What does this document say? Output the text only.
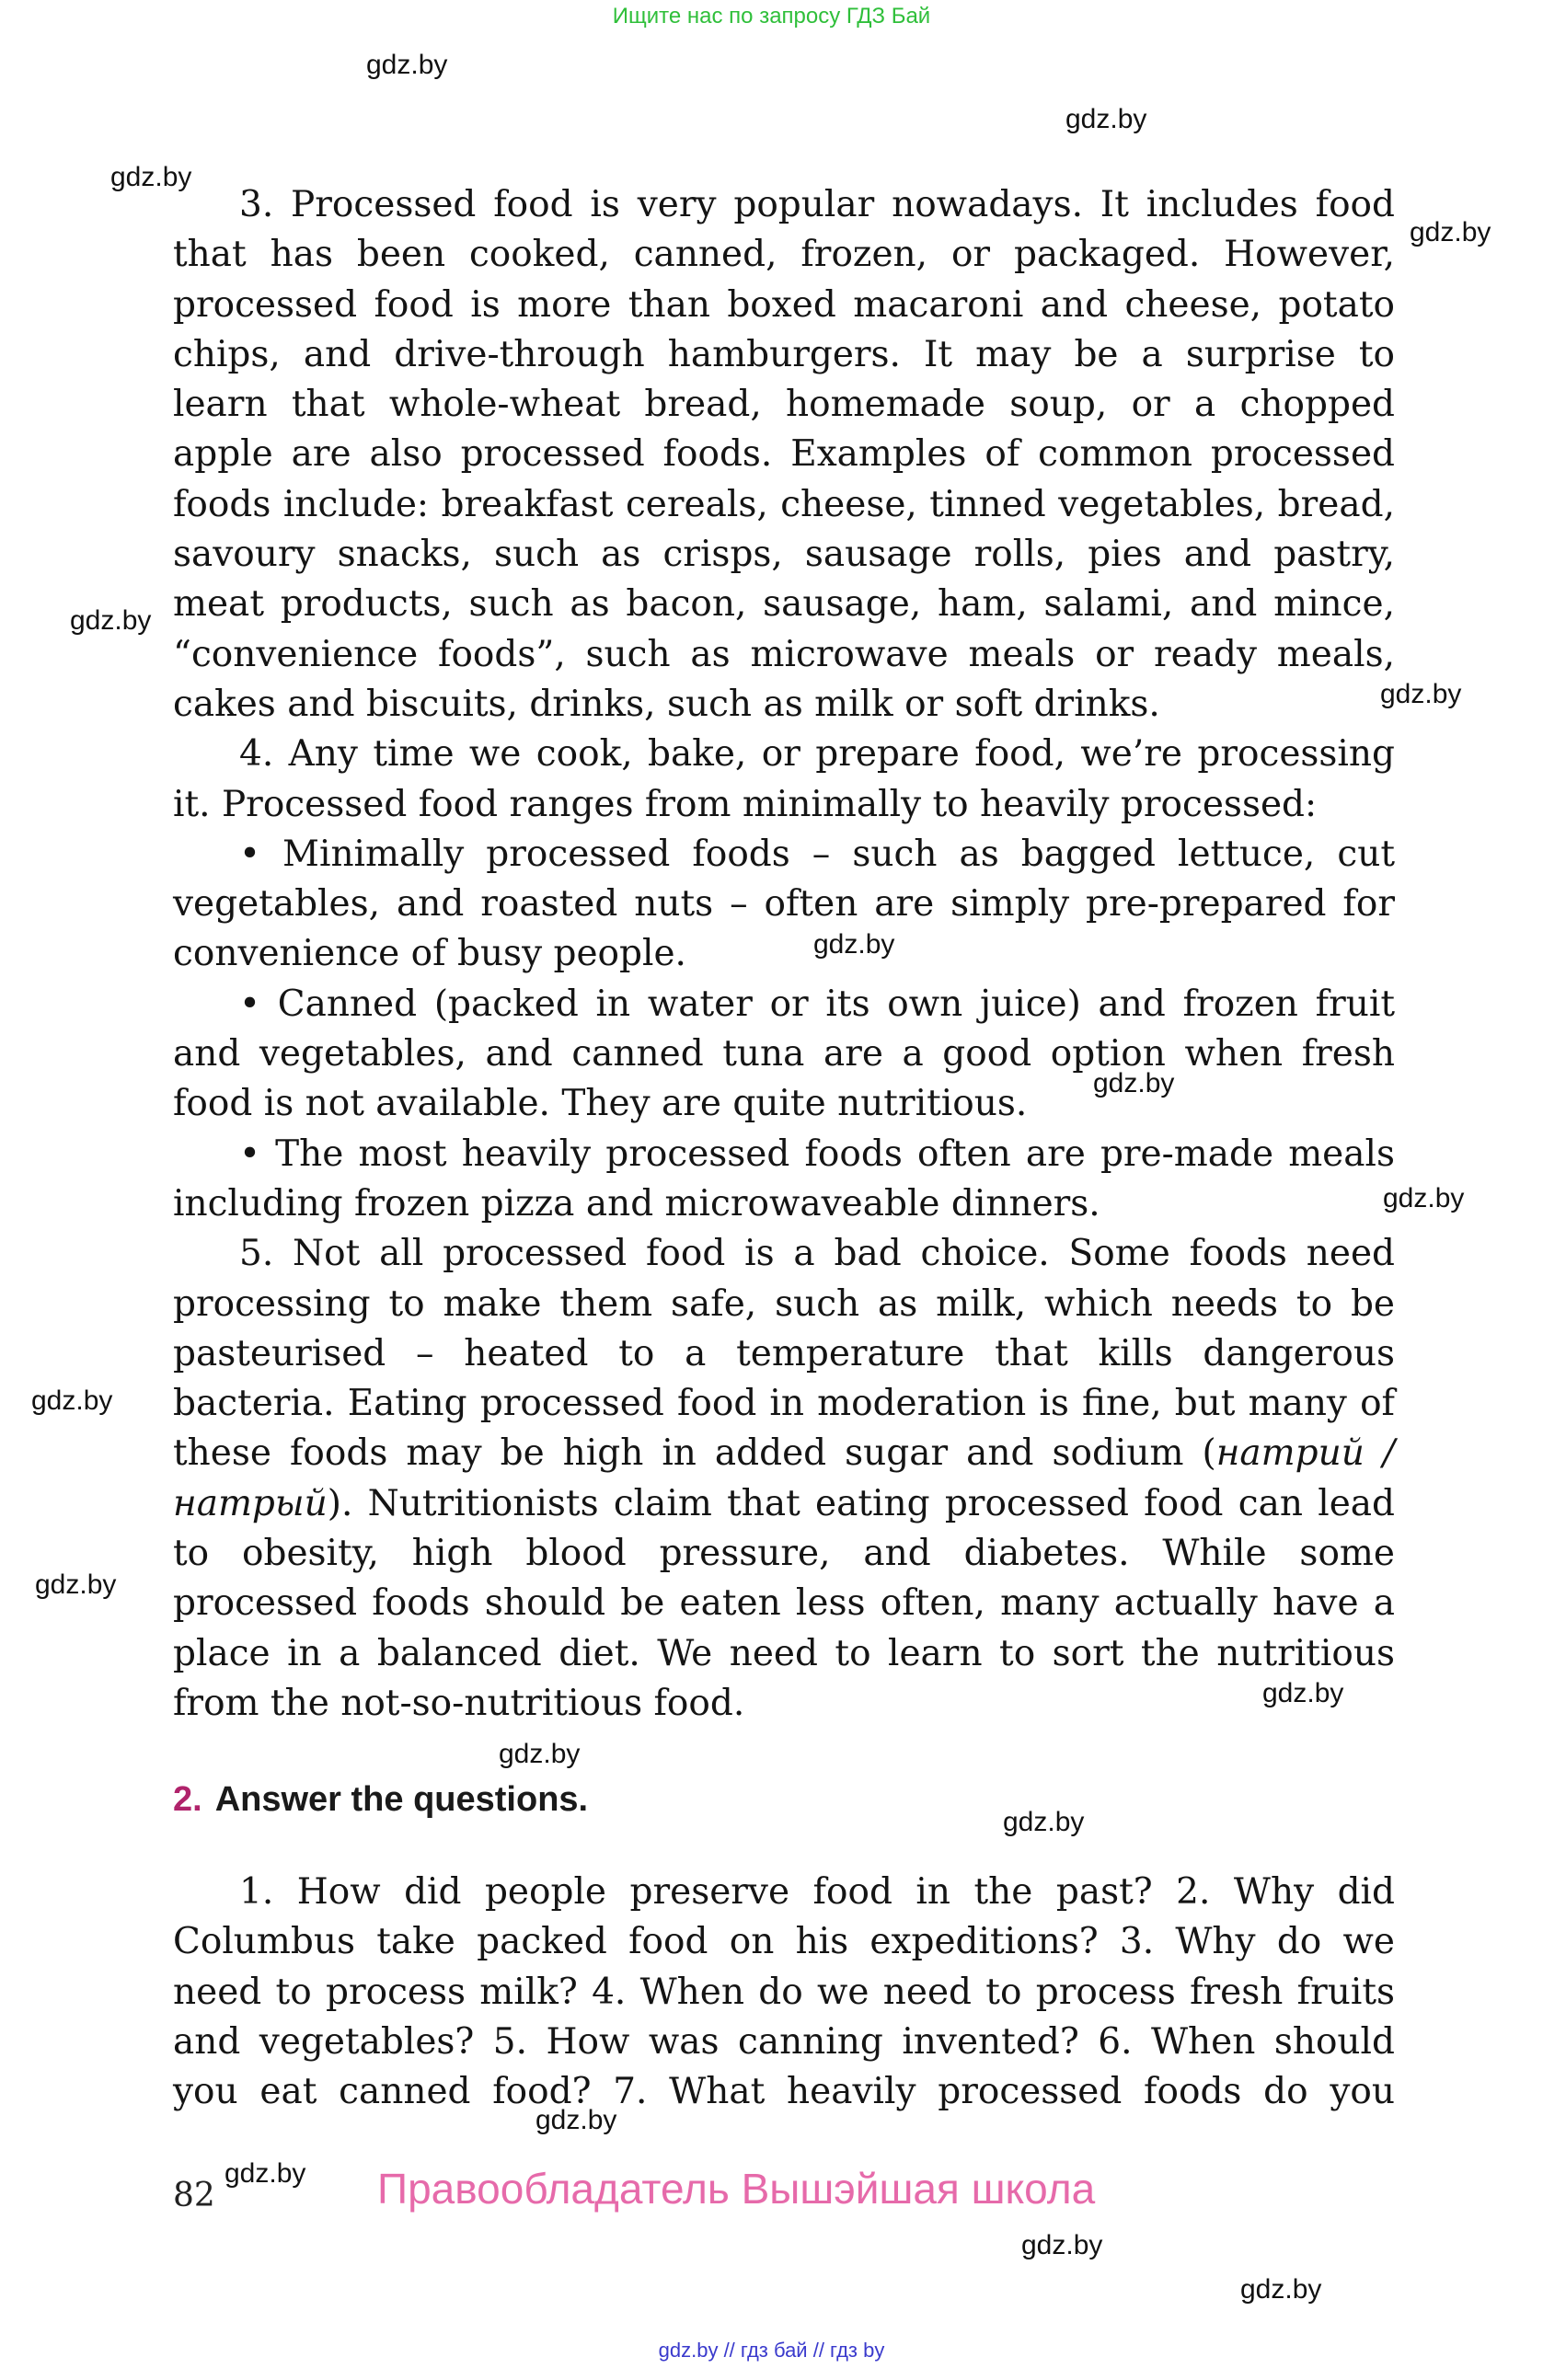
Ищите нас по запросу ГДЗ Бай
gdz.by
gdz.by
gdz.by
gdz.by
gdz.by
gdz.by
gdz.by
gdz.by
gdz.by
gdz.by
gdz.by
gdz.by
gdz.by
gdz.by
gdz.by
gdz.by
gdz.by
gdz.by

3. Processed food is very popular nowadays. It includes food that has been cooked, canned, frozen, or packaged. However, processed food is more than boxed macaroni and cheese, potato chips, and drive-through hamburgers. It may be a surprise to learn that whole-wheat bread, homemade soup, or a chopped apple are also processed foods. Examples of common processed foods include: breakfast cereals, cheese, tinned vegetables, bread, savoury snacks, such as crisps, sausage rolls, pies and pastry, meat products, such as bacon, sausage, ham, salami, and mince, “convenience foods”, such as microwave meals or ready meals, cakes and biscuits, drinks, such as milk or soft drinks.

4. Any time we cook, bake, or prepare food, we’re processing it. Processed food ranges from minimally to heavily processed:

• Minimally processed foods – such as bagged lettuce, cut vegetables, and roasted nuts – often are simply pre-prepared for convenience of busy people.

• Canned (packed in water or its own juice) and frozen fruit and vegetables, and canned tuna are a good option when fresh food is not available. They are quite nutritious.

• The most heavily processed foods often are pre-made meals including frozen pizza and microwaveable dinners.

5. Not all processed food is a bad choice. Some foods need processing to make them safe, such as milk, which needs to be pasteurised – heated to a temperature that kills dangerous bacteria. Eating processed food in moderation is fine, but many of these foods may be high in added sugar and sodium (натрий / натрый). Nutritionists claim that eating processed food can lead to obesity, high blood pressure, and diabetes. While some processed foods should be eaten less often, many actually have a place in a balanced diet. We need to learn to sort the nutritious from the not-so-nutritious food.

2. Answer the questions.

1. How did people preserve food in the past? 2. Why did Columbus take packed food on his expeditions? 3. Why do we need to process milk? 4. When do we need to process fresh fruits and vegetables? 5. How was canning invented? 6. When should you eat canned food? 7. What heavily processed foods do you

82	Правообладатель Вышэйшая школа
gdz.by // гдз бай // гдз by
